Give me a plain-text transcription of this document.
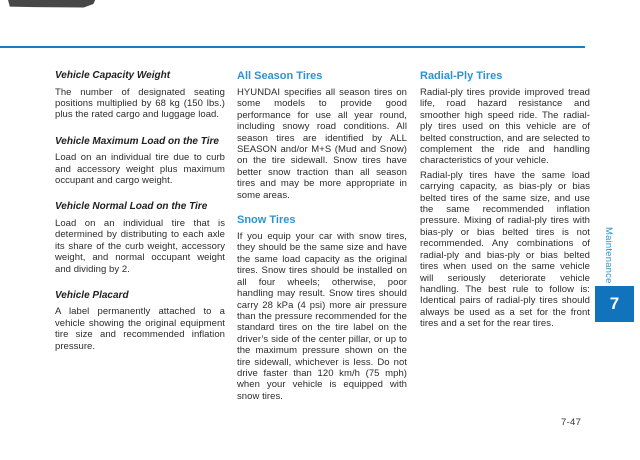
Vehicle Capacity Weight

The number of designated seating positions multiplied by 68 kg (150 lbs.) plus the rated cargo and luggage load.

Vehicle Maximum Load on the Tire

Load on an individual tire due to curb and accessory weight plus maximum occupant and cargo weight.

Vehicle Normal Load on the Tire

Load on an individual tire that is determined by distributing to each axle its share of the curb weight, accessory weight, and normal occupant weight and dividing by 2.

Vehicle Placard

A label permanently attached to a vehicle showing the original equipment tire size and recommended inflation pressure.

All Season Tires

HYUNDAI specifies all season tires on some models to provide good performance for use all year round, including snowy road conditions. All season tires are identified by ALL SEASON and/or M+S (Mud and Snow) on the tire sidewall. Snow tires have better snow traction than all season tires and may be more appropriate in some areas.

Snow Tires

If you equip your car with snow tires, they should be the same size and have the same load capacity as the original tires. Snow tires should be installed on all four wheels; otherwise, poor handling may result. Snow tires should carry 28 kPa (4 psi) more air pressure than the pressure recommended for the standard tires on the tire label on the driver’s side of the center pillar, or up to the maximum pressure shown on the tire sidewall, whichever is less. Do not drive faster than 120 km/h (75 mph) when your vehicle is equipped with snow tires.

Radial-Ply Tires

Radial-ply tires provide improved tread life, road hazard resistance and smoother high speed ride. The radial-ply tires used on this vehicle are of belted construction, and are selected to complement the ride and handling characteristics of your vehicle.

Radial-ply tires have the same load carrying capacity, as bias-ply or bias belted tires of the same size, and use the same recommended inflation pressure. Mixing of radial-ply tires with bias-ply or bias belted tires is not recommended. Any combinations of radial-ply and bias-ply or bias belted tires when used on the same vehicle will seriously deteriorate vehicle handling. The best rule to follow is: Identical pairs of radial-ply tires should always be used as a set for the front tires and a set for the rear tires.

Maintenance
7
7-47
